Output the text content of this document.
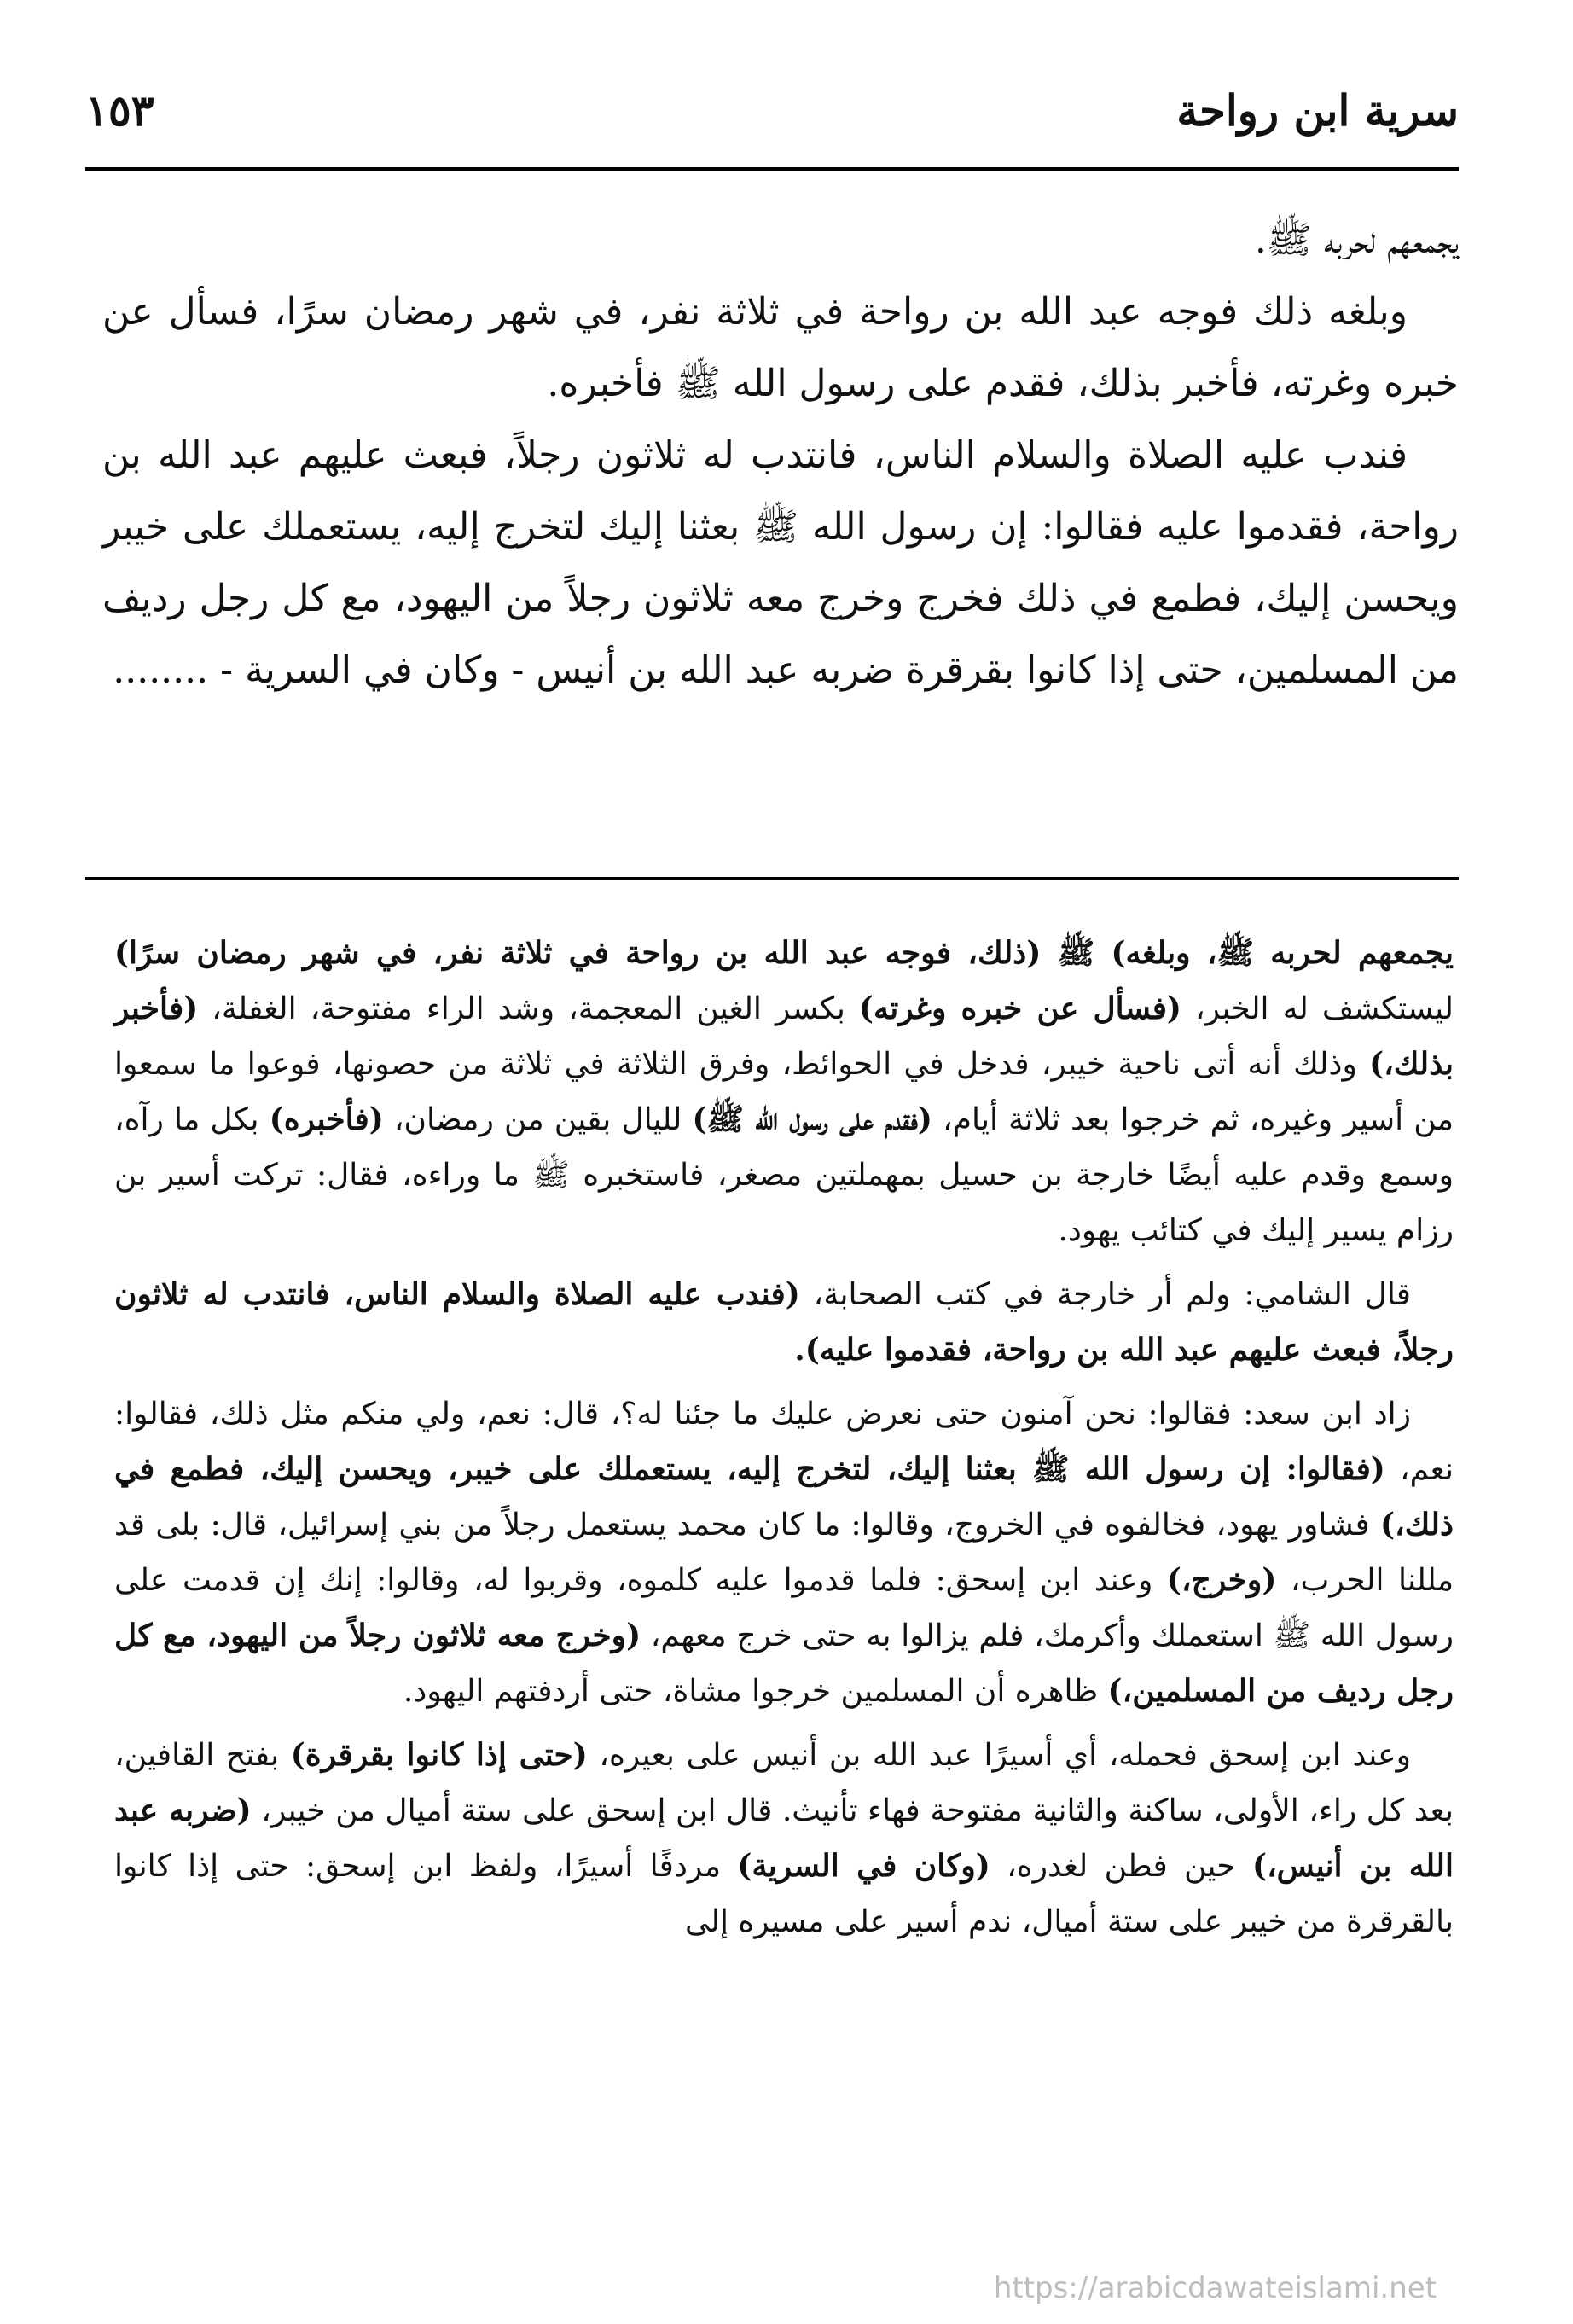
سرية ابن رواحة
١٥٣

يجمعهم لحربه ﷺ.

وبلغه ذلك فوجه عبد الله بن رواحة في ثلاثة نفر، في شهر رمضان سرًا، فسأل عن خبره وغرته، فأخبر بذلك، فقدم على رسول الله ﷺ فأخبره.

فندب عليه الصلاة والسلام الناس، فانتدب له ثلاثون رجلاً، فبعث عليهم عبد الله بن رواحة، فقدموا عليه فقالوا: إن رسول الله ﷺ بعثنا إليك لتخرج إليه، يستعملك على خيبر ويحسن إليك، فطمع في ذلك فخرج وخرج معه ثلاثون رجلاً من اليهود، مع كل رجل رديف من المسلمين، حتى إذا كانوا بقرقرة ضربه عبد الله بن أنيس - وكان في السرية - ........

يجمعهم لحربه ﷺ، وبلغه) ﷺ (ذلك، فوجه عبد الله بن رواحة في ثلاثة نفر، في شهر رمضان سرًا) ليستكشف له الخبر، (فسأل عن خبره وغرته) بكسر الغين المعجمة، وشد الراء مفتوحة، الغفلة، (فأخبر بذلك،) وذلك أنه أتى ناحية خيبر، فدخل في الحوائط، وفرق الثلاثة في ثلاثة من حصونها، فوعوا ما سمعوا من أسير وغيره، ثم خرجوا بعد ثلاثة أيام، (فقدم على رسول الله ﷺ) لليال بقين من رمضان، (فأخبره) بكل ما رآه، وسمع وقدم عليه أيضًا خارجة بن حسيل بمهملتين مصغر، فاستخبره ﷺ ما وراءه، فقال: تركت أسير بن رزام يسير إليك في كتائب يهود.

قال الشامي: ولم أر خارجة في كتب الصحابة، (فندب عليه الصلاة والسلام الناس، فانتدب له ثلاثون رجلاً، فبعث عليهم عبد الله بن رواحة، فقدموا عليه).

زاد ابن سعد: فقالوا: نحن آمنون حتى نعرض عليك ما جئنا له؟، قال: نعم، ولي منكم مثل ذلك، فقالوا: نعم، (فقالوا: إن رسول الله ﷺ بعثنا إليك، لتخرج إليه، يستعملك على خيبر، ويحسن إليك، فطمع في ذلك،) فشاور يهود، فخالفوه في الخروج، وقالوا: ما كان محمد يستعمل رجلاً من بني إسرائيل، قال: بلى قد مللنا الحرب، (وخرج،) وعند ابن إسحق: فلما قدموا عليه كلموه، وقربوا له، وقالوا: إنك إن قدمت على رسول الله ﷺ استعملك وأكرمك، فلم يزالوا به حتى خرج معهم، (وخرج معه ثلاثون رجلاً من اليهود، مع كل رجل رديف من المسلمين،) ظاهره أن المسلمين خرجوا مشاة، حتى أردفتهم اليهود.

وعند ابن إسحق فحمله، أي أسيرًا عبد الله بن أنيس على بعيره، (حتى إذا كانوا بقرقرة) بفتح القافين، بعد كل راء، الأولى، ساكنة والثانية مفتوحة فهاء تأنيث. قال ابن إسحق على ستة أميال من خيبر، (ضربه عبد الله بن أنيس،) حين فطن لغدره، (وكان في السرية) مردفًا أسيرًا، ولفظ ابن إسحق: حتى إذا كانوا بالقرقرة من خيبر على ستة أميال، ندم أسير على مسيره إلى

https://arabicdawateislami.net
